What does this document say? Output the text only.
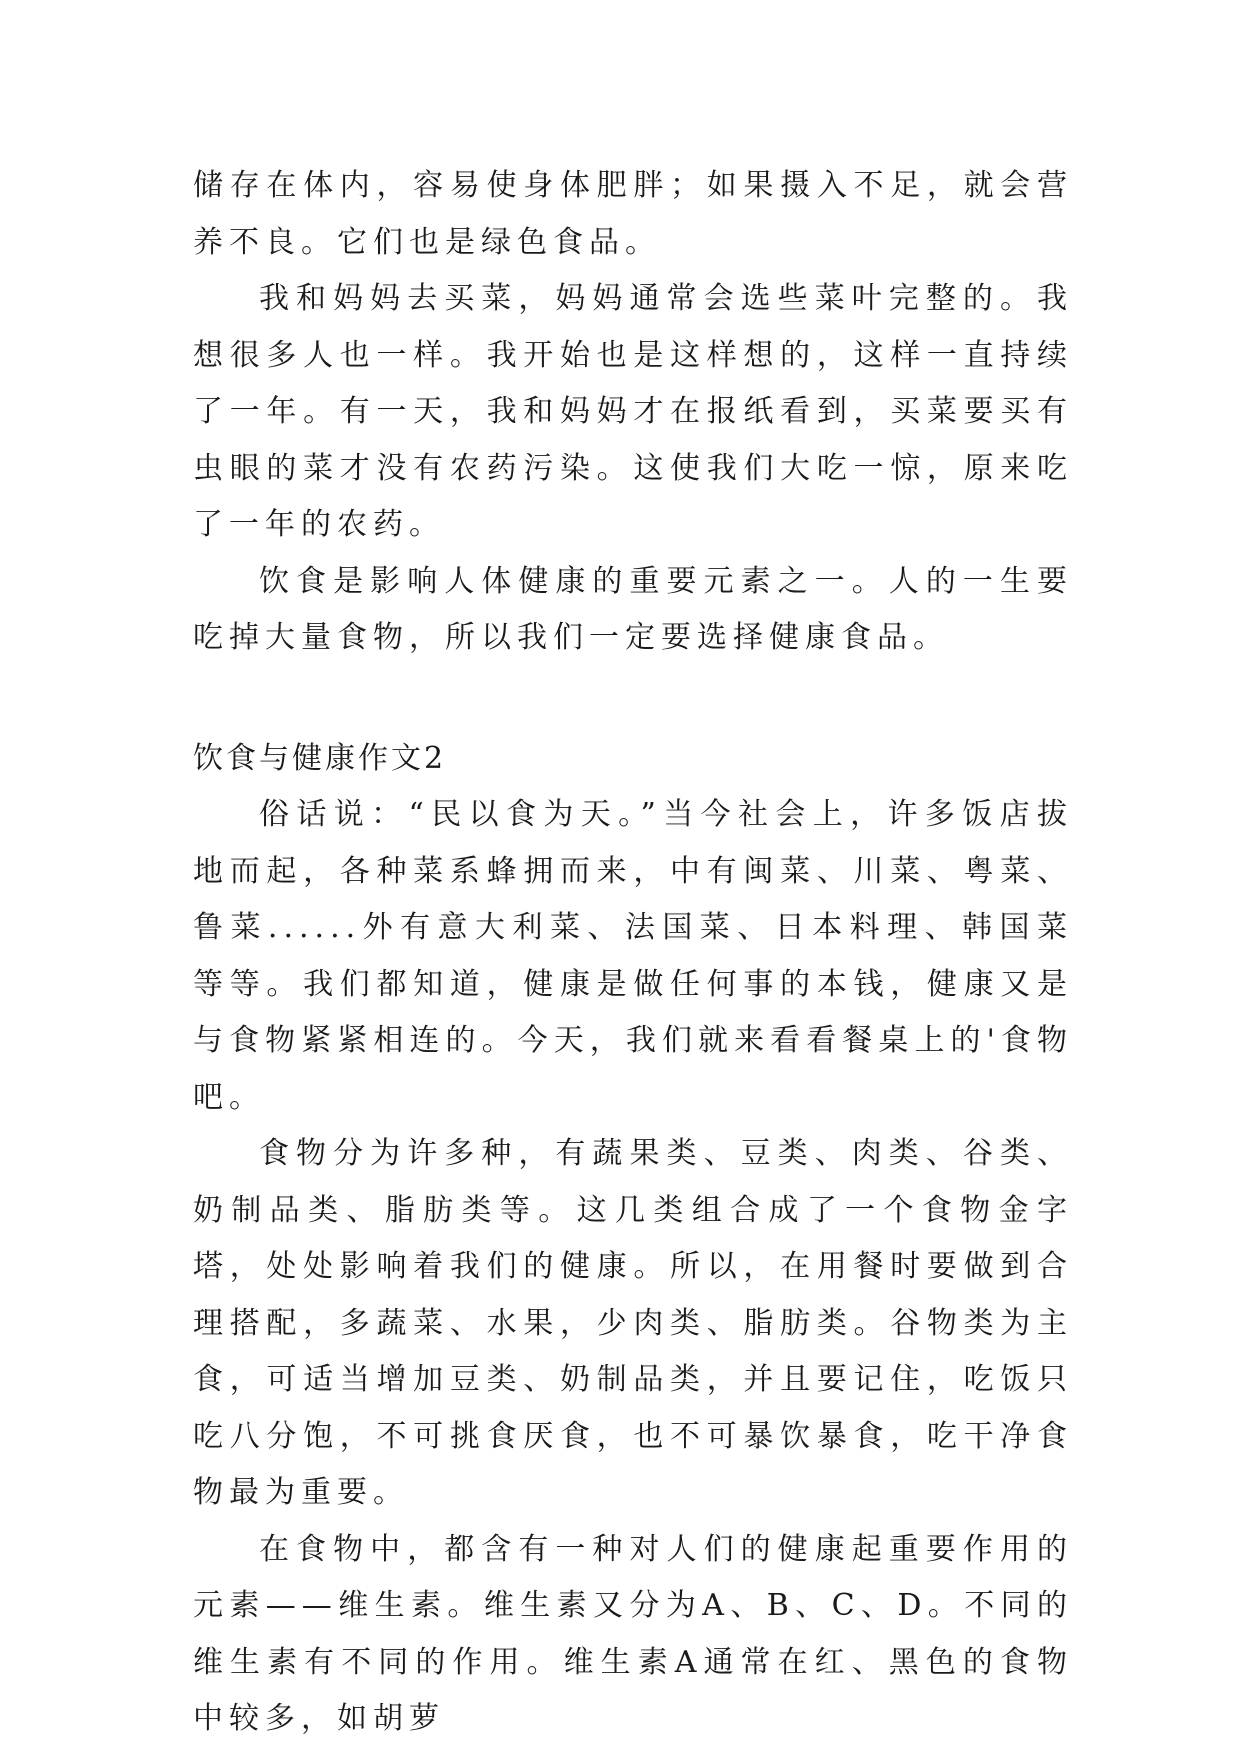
储存在体内，容易使身体肥胖；如果摄入不足，就会营养不良。它们也是绿色食品。

我和妈妈去买菜，妈妈通常会选些菜叶完整的。我想很多人也一样。我开始也是这样想的，这样一直持续了一年。有一天，我和妈妈才在报纸看到，买菜要买有虫眼的菜才没有农药污染。这使我们大吃一惊，原来吃了一年的农药。

饮食是影响人体健康的重要元素之一。人的一生要吃掉大量食物，所以我们一定要选择健康食品。

饮食与健康作文2

俗话说：“民以食为天。”当今社会上，许多饭店拔地而起，各种菜系蜂拥而来，中有闽菜、川菜、粤菜、鲁菜......外有意大利菜、法国菜、日本料理、韩国菜等等。我们都知道，健康是做任何事的本钱，健康又是与食物紧紧相连的。今天，我们就来看看餐桌上的'食物吧。

食物分为许多种，有蔬果类、豆类、肉类、谷类、奶制品类、脂肪类等。这几类组合成了一个食物金字塔，处处影响着我们的健康。所以，在用餐时要做到合理搭配，多蔬菜、水果，少肉类、脂肪类。谷物类为主食，可适当增加豆类、奶制品类，并且要记住，吃饭只吃八分饱，不可挑食厌食，也不可暴饮暴食，吃干净食物最为重要。

在食物中，都含有一种对人们的健康起重要作用的元素——维生素。维生素又分为A、B、C、D。不同的维生素有不同的作用。维生素A通常在红、黑色的食物中较多，如胡萝
